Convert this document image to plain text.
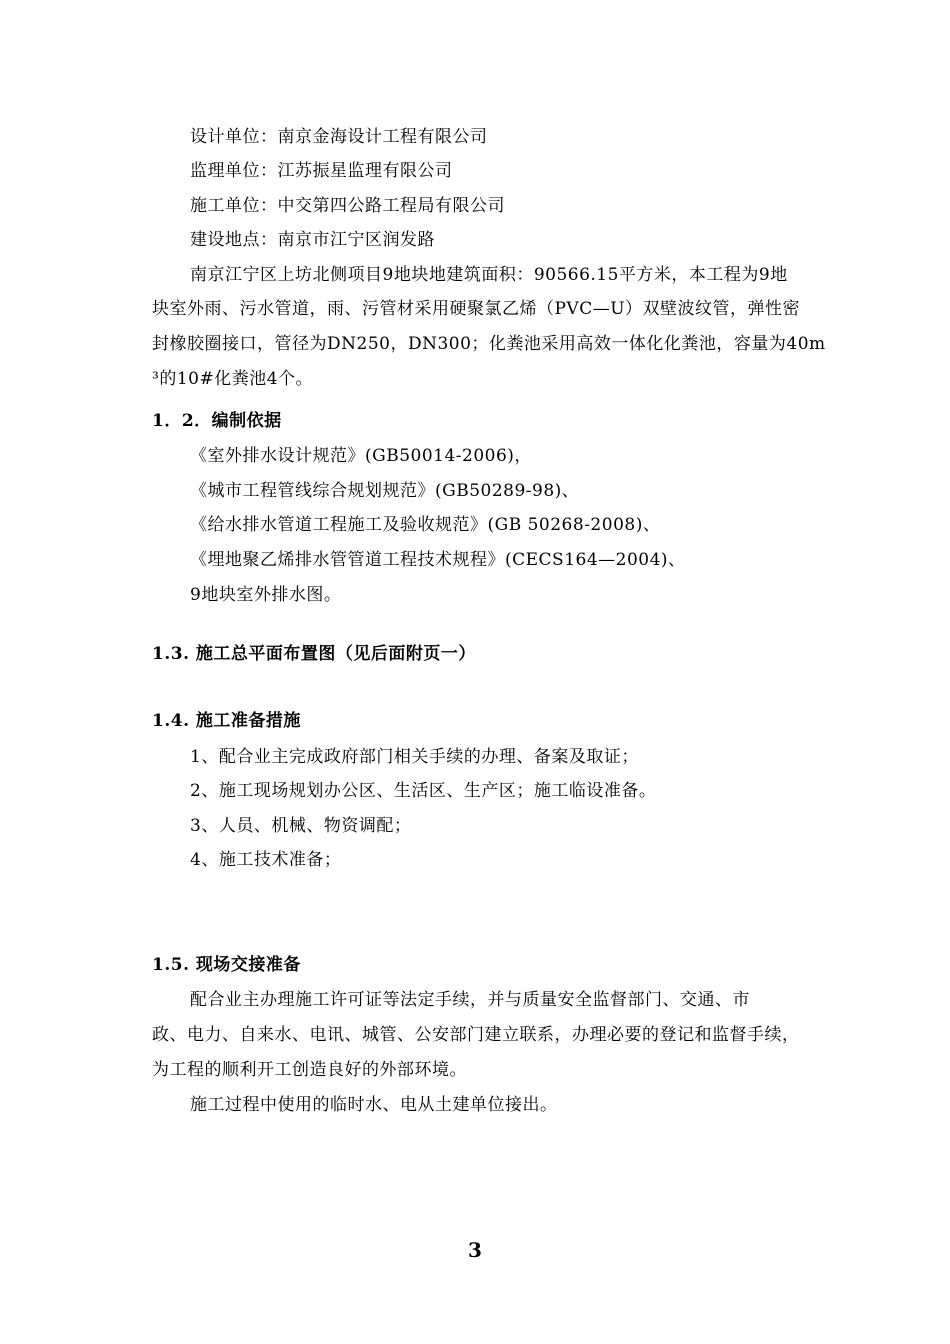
设计单位：南京金海设计工程有限公司
监理单位：江苏振星监理有限公司
施工单位：中交第四公路工程局有限公司
建设地点：南京市江宁区润发路
南京江宁区上坊北侧项目9地块地建筑面积：90566.15平方米，本工程为9地
块室外雨、污水管道，雨、污管材采用硬聚氯乙烯（PVC—U）双壁波纹管，弹性密
封橡胶圈接口，管径为DN250，DN300；化粪池采用高效一体化化粪池，容量为40m
³的10#化粪池4个。
1．2．编制依据
《室外排水设计规范》(GB50014-2006)，
《城市工程管线综合规划规范》(GB50289-98)、
《给水排水管道工程施工及验收规范》(GB 50268-2008)、
《埋地聚乙烯排水管管道工程技术规程》(CECS164—2004)、
9地块室外排水图。
1.3. 施工总平面布置图（见后面附页一）
1.4. 施工准备措施
1、配合业主完成政府部门相关手续的办理、备案及取证；
2、施工现场规划办公区、生活区、生产区；施工临设准备。
3、人员、机械、物资调配；
4、施工技术准备；
1.5. 现场交接准备
配合业主办理施工许可证等法定手续，并与质量安全监督部门、交通、市
政、电力、自来水、电讯、城管、公安部门建立联系，办理必要的登记和监督手续，
为工程的顺利开工创造良好的外部环境。
施工过程中使用的临时水、电从土建单位接出。
3
